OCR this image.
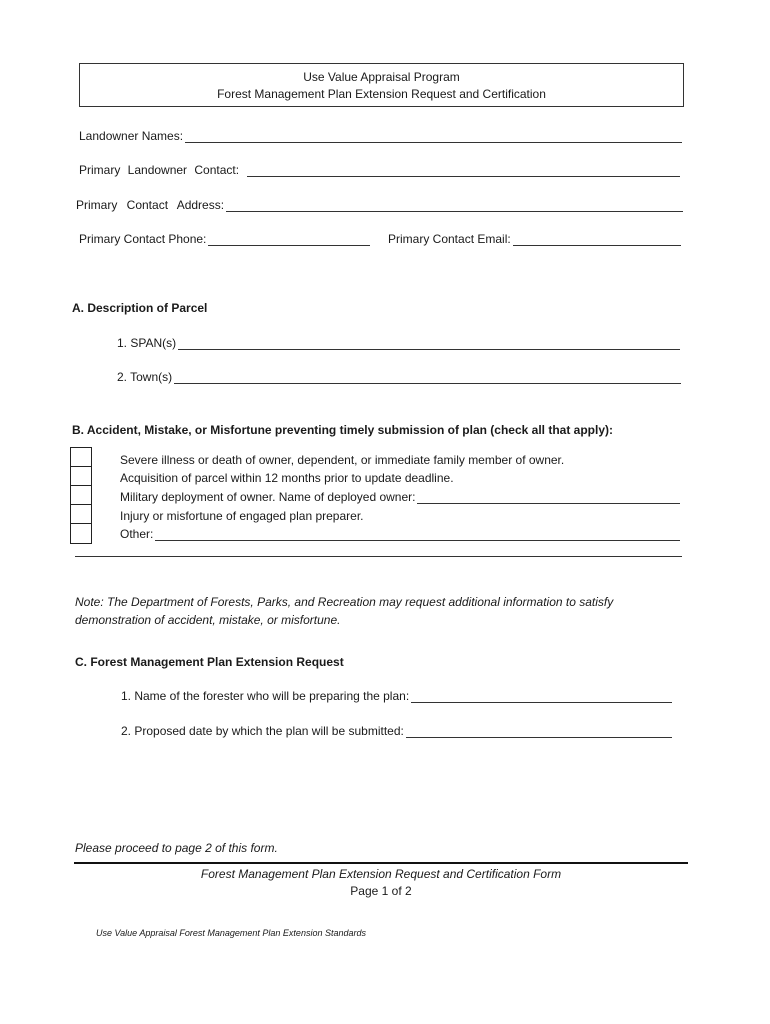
Use Value Appraisal Program
Forest Management Plan Extension Request and Certification
Landowner Names:
Primary Landowner Contact:
Primary Contact Address:
Primary Contact Phone:	Primary Contact Email:
A. Description of Parcel
1. SPAN(s)
2. Town(s)
B. Accident, Mistake, or Misfortune preventing timely submission of plan (check all that apply):
Severe illness or death of owner, dependent, or immediate family member of owner.
Acquisition of parcel within 12 months prior to update deadline.
Military deployment of owner. Name of deployed owner:
Injury or misfortune of engaged plan preparer.
Other:
Note: The Department of Forests, Parks, and Recreation may request additional information to satisfy
demonstration of accident, mistake, or misfortune.
C. Forest Management Plan Extension Request
1. Name of the forester who will be preparing the plan:
2. Proposed date by which the plan will be submitted:
Please proceed to page 2 of this form.
Forest Management Plan Extension Request and Certification Form
Page 1 of 2
Use Value Appraisal Forest Management Plan Extension Standards
